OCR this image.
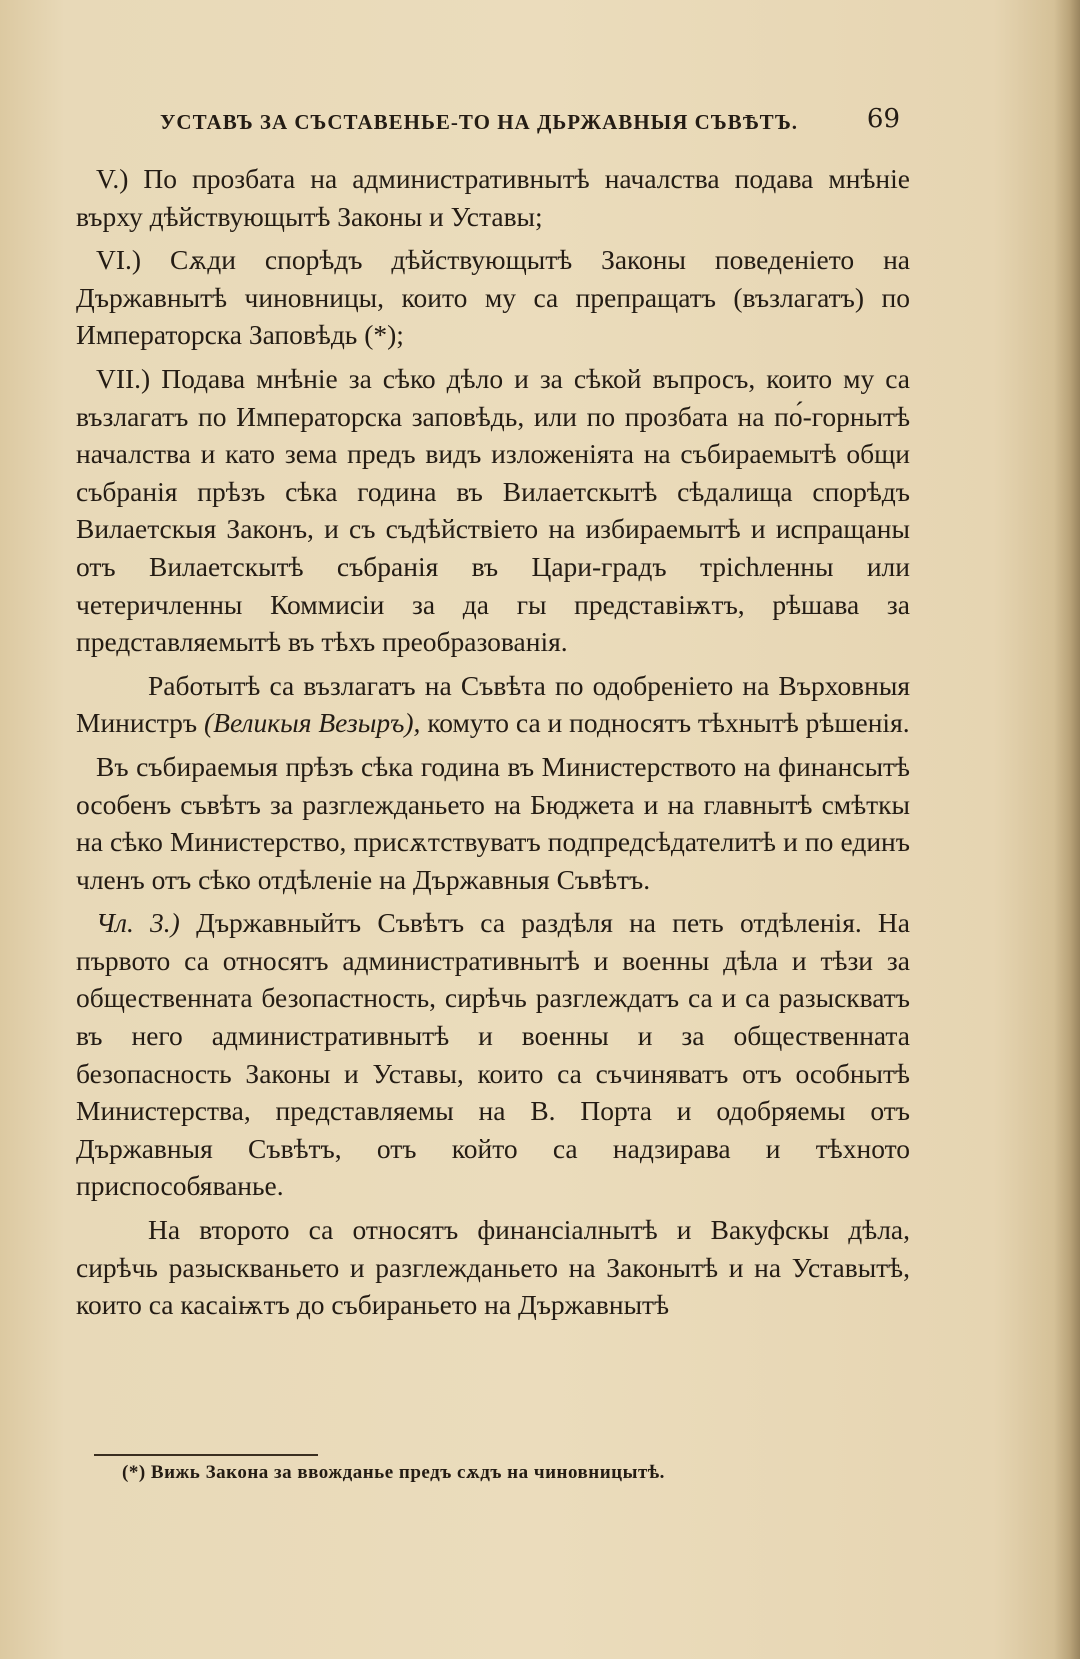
УСТАВЪ ЗА СЪСТАВЕНЬЕ-ТО НА ДЬРЖАВНЫЯ СЪВѢТЪ.	69

V.) По прозбата на административнытѣ началства подава мнѣніе върху дѣйствующытѣ Законы и Уставы;

VI.) Сѫди спорѣдъ дѣйствующытѣ Законы поведеніето на Държавнытѣ чиновницы, които му са препращатъ (възлагатъ) по Императорска Заповѣдь (*);

VII.) Подава мнѣніе за сѣко дѣло и за сѣкой въпросъ, които му са възлагатъ по Императорска заповѣдь, или по прозбата на по́-горнытѣ началства и като зема предъ видъ изложеніята на събираемытѣ общи събранія прѣзъ сѣка година въ Вилаетскытѣ сѣдалища спорѣдъ Вилаетскыя Законъ, и съ съдѣйствіето на избираемытѣ и испращаны отъ Вилаетскытѣ събранія въ Цари-градъ трichленны или четеричленны Коммисіи за да гы представіѭтъ, рѣшава за представляемытѣ въ тѣхъ преобразованія.

Работытѣ са възлагатъ на Съвѣта по одобреніето на Върховныя Министръ (Великыя Везыръ), комуто са и подносятъ тѣхнытѣ рѣшенія.

Въ събираемыя прѣзъ сѣка година въ Министерството на финансытѣ особенъ съвѣтъ за разглежданьето на Бюджета и на главнытѣ смѣткы на сѣко Министерство, присѫтствуватъ подпредсѣдателитѣ и по единъ членъ отъ сѣко отдѣленіе на Държавныя Съвѣтъ.

Чл. 3.) Държавныйтъ Съвѣтъ са раздѣля на петь отдѣленія. На първото са относятъ административнытѣ и военны дѣла и тѣзи за общественната безопастность, сирѣчь разглеждатъ са и са разыскватъ въ него административнытѣ и военны и за общественната безопасность Законы и Уставы, които са съчиняватъ отъ особнытѣ Министерства, представляемы на В. Порта и одобряемы отъ Държавныя Съвѣтъ, отъ който са надзирава и тѣхното приспособяванье.

На второто са относятъ финансіалнытѣ и Вакуфскы дѣла, сирѣчь разыскваньето и разглежданьето на Законытѣ и на Уставытѣ, които са касаіѭтъ до събираньето на Държавнытѣ

(*) Вижь Закона за ввожданье предъ сѫдъ на чиновницытѣ.
